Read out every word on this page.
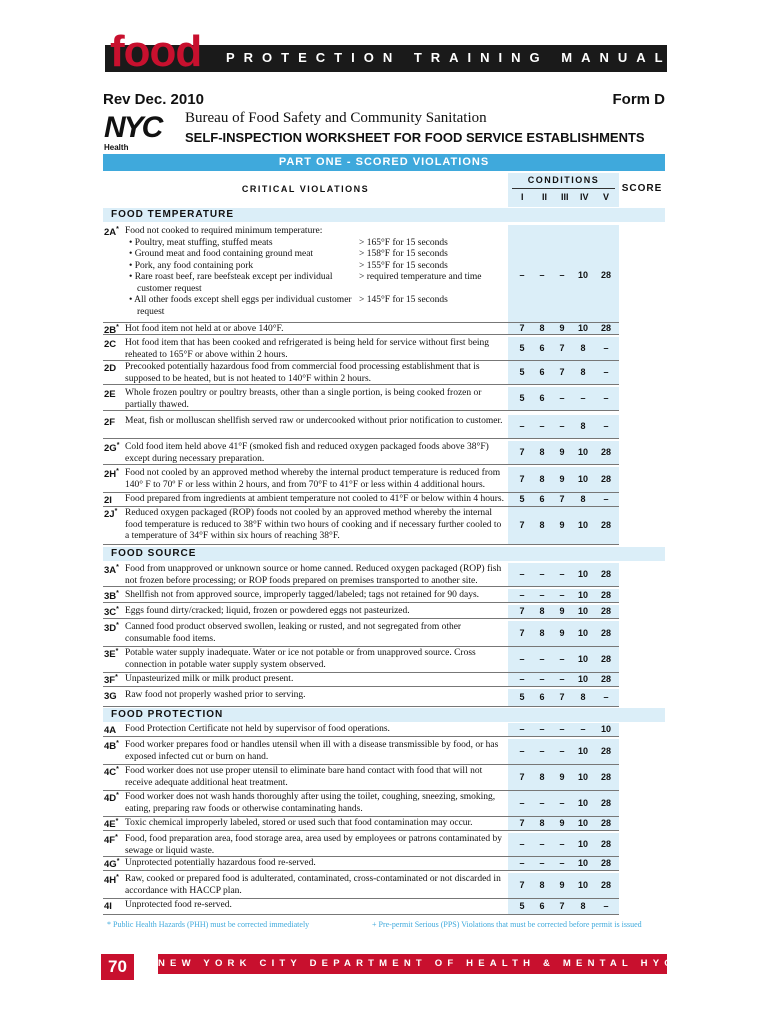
food PROTECTION TRAINING MANUAL
Rev Dec. 2010	Form D
NYC
Health
Bureau of Food Safety and Community Sanitation
SELF-INSPECTION WORKSHEET FOR FOOD SERVICE ESTABLISHMENTS
PART ONE - SCORED VIOLATIONS
CRITICAL VIOLATIONS
CONDITIONS
I II III IV V
SCORE
FOOD TEMPERATURE
2A* Food not cooked to required minimum temperature:
• Poultry, meat stuffing, stuffed meats	> 165°F for 15 seconds
• Ground meat and food containing ground meat	> 158°F for 15 seconds
• Pork, any food containing pork	> 155°F for 15 seconds
• Rare roast beef, rare beefsteak except per individual customer request
> required temperature and time
• All other foods except shell eggs per individual customer request
> 145°F for 15 seconds
–	–	–	10 28
2B* Hot food item not held at or above 140°F.	7	8	9	10 28
2C Hot food item that has been cooked and refrigerated is being held for service without first being reheated to 165°F or above within 2 hours.
5	6	7	8	–
2D Precooked potentially hazardous food from commercial food processing establishment that is supposed to be heated, but is not heated to 140°F within 2 hours.
5	6	7	8	–
2E Whole frozen poultry or poultry breasts, other than a single portion, is being cooked frozen or partially thawed.
5	6	–	–	–
2F Meat, fish or molluscan shellfish served raw or undercooked without prior notification to customer.	–	–	–	8	–
2G* Cold food item held above 41°F (smoked fish and reduced oxygen packaged foods above 38°F) except during necessary preparation.
7	8	9	10 28
2H* Food not cooled by an approved method whereby the internal product temperature is reduced from 140° F to 70º F or less within 2 hours, and from 70°F to 41°F or less within 4 additional hours.
7	8	9	10 28
2I Food prepared from ingredients at ambient temperature not cooled to 41°F or below within 4 hours.	5	6	7	8	–
2J* Reduced oxygen packaged (ROP) foods not cooled by an approved method whereby the internal food temperature is reduced to 38°F within two hours of cooking and if necessary further cooled to a temperature of 34°F within six hours of reaching 38°F.
7	8	9	10 28
3A* Food from unapproved or unknown source or home canned. Reduced oxygen packaged (ROP) fish not frozen before processing; or ROP foods prepared on premises transported to another site.
–	–	–	10 28
3B* Shellfish not from approved source, improperly tagged/labeled; tags not retained for 90 days.	–	–	–	10 28
3C* Eggs found dirty/cracked; liquid, frozen or powdered eggs not pasteurized.	7	8	9	10 28
3D* Canned food product observed swollen, leaking or rusted, and not segregated from other consumable food items.
7	8	9	10 28
3E* Potable water supply inadequate. Water or ice not potable or from unapproved source. Cross connection in potable water supply system observed.
–	–	–	10 28
3F* Unpasteurized milk or milk product present.	–	–	–	10 28
3G Raw food not properly washed prior to serving.	5	6	7	8	–
4A Food Protection Certificate not held by supervisor of food operations.	–	–	–	–	10
4B* Food worker prepares food or handles utensil when ill with a disease transmissible by food, or has exposed infected cut or burn on hand.
–	–	–	10 28
4C* Food worker does not use proper utensil to eliminate bare hand contact with food that will not receive adequate additional heat treatment.
7	8	9	10 28
4D* Food worker does not wash hands thoroughly after using the toilet, coughing, sneezing, smoking, eating, preparing raw foods or otherwise contaminating hands.
–	–	–	10 28
4E* Toxic chemical improperly labeled, stored or used such that food contamination may occur.	7	8	9	10 28
4F* Food, food preparation area, food storage area, area used by employees or patrons contaminated by sewage or liquid waste.
–	–	–	10 28
4G* Unprotected potentially hazardous food re-served.	–	–	–	10 28
4H* Raw, cooked or prepared food is adulterated, contaminated, cross-contaminated or not discarded in accordance with HACCP plan.
7	8	9	10 28
4I Unprotected food re-served.	5	6	7	8	–
FOOD SOURCE
FOOD PROTECTION
* Public Health Hazards (PHH) must be corrected immediately	+ Pre-permit Serious (PPS) Violations that must be corrected before permit is issued
70	NEW YORK CITY DEPARTMENT OF HEALTH & MENTAL HYGIENE
